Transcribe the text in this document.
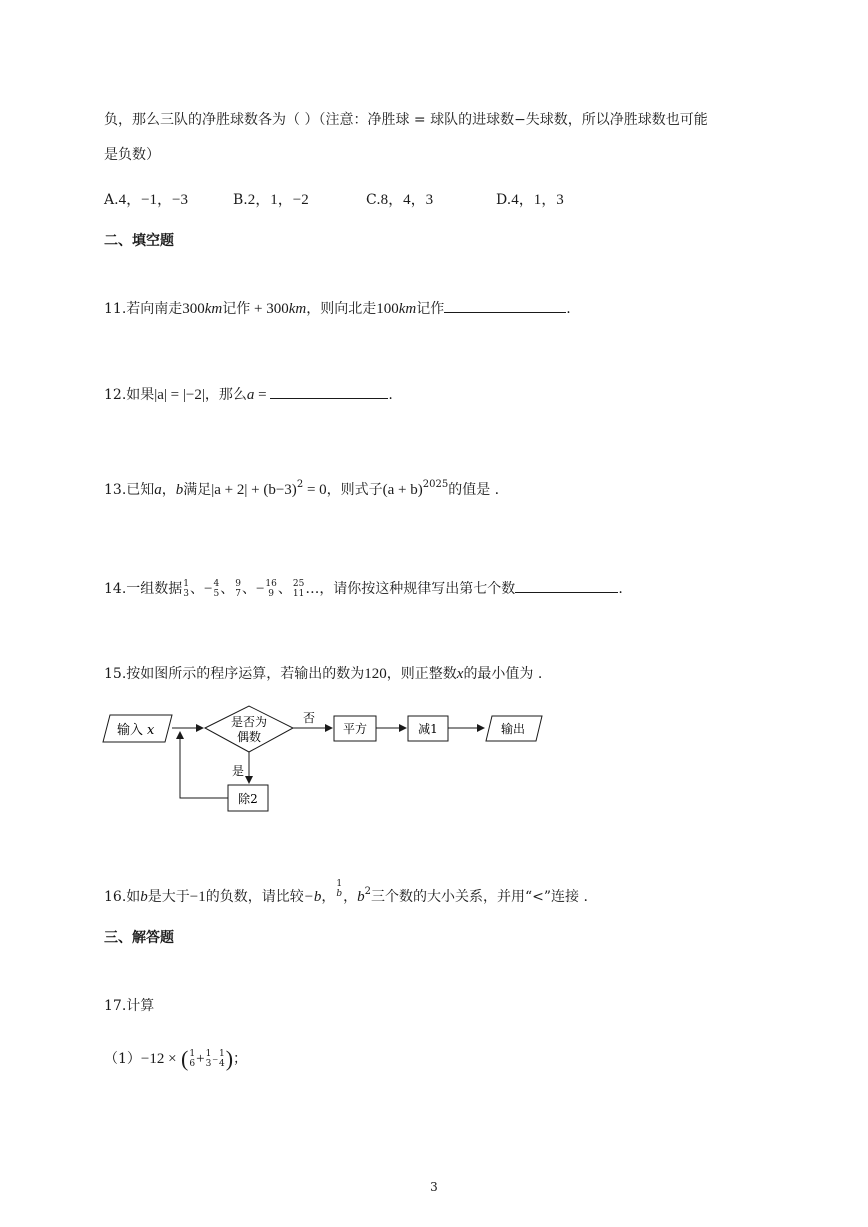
负，那么三队的净胜球数各为（ ）（注意：净胜球 = 球队的进球数−失球数，所以净胜球数也可能
是负数）
A.4，−1，−3	B.2，1，−2	C.8，4，3	D.4，1，3
二、填空题
11.若向南走300km记作 + 300km，则向北走100km记作	.
12.如果|a| = |−2|，那么a =	.
13.已知a，b满足$|a + 2| + (b-3)^2 = 0$，则式子$(a + b)^{2025}$的值是 .
14.一组数据 1
3 、− 4
5 、 9
7 、− 16
9 、 25
11 …，请你按这种规律写出第七个数	.
15.按如图所示的程序运算，若输出的数为120，则正整数x的最小值为 .
输入 x
是否为
偶数
否
平方	减1	输出
是
除2
16.如b是大于−1的负数，请比较−b，
1
b ，$b^2$三个数的大小关系，并用“<”连接 .
三、解答题
17.计算
（1）−12 × ( 1
6 + 1
3 −
1
4 )；
3
